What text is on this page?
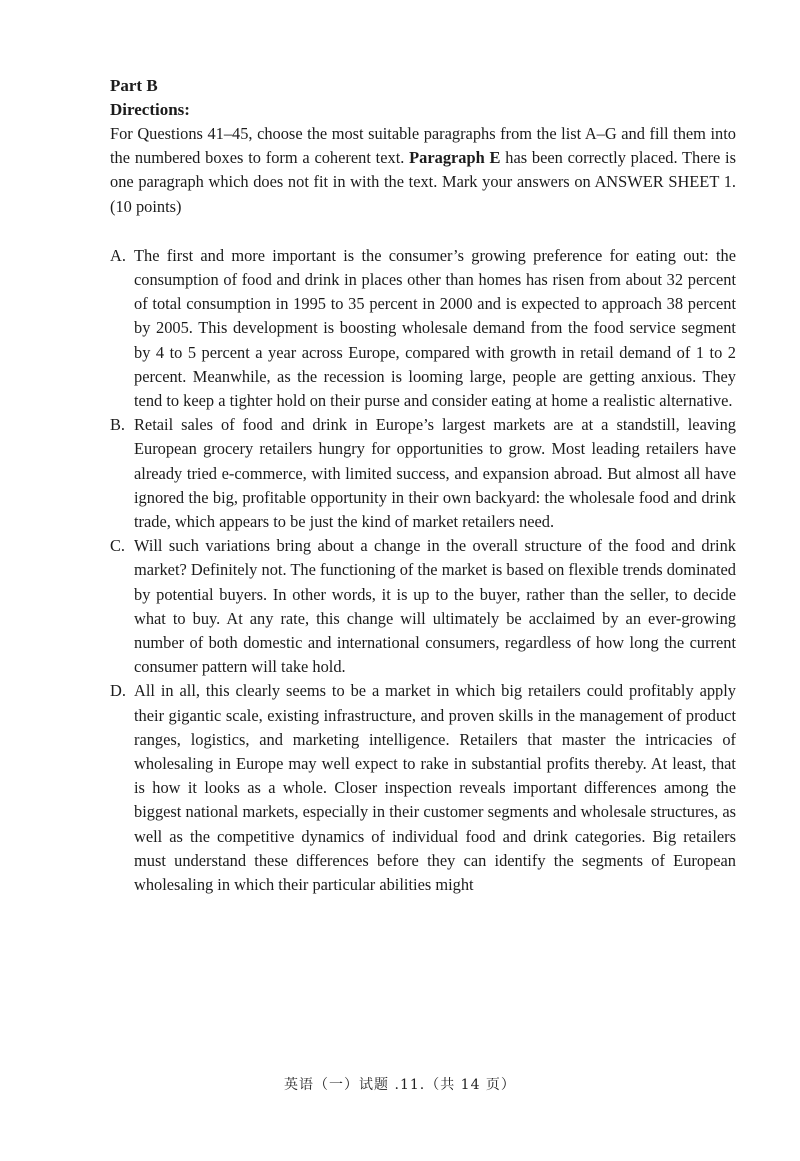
Part B
Directions:
For Questions 41–45, choose the most suitable paragraphs from the list A–G and fill them into the numbered boxes to form a coherent text. Paragraph E has been correctly placed. There is one paragraph which does not fit in with the text. Mark your answers on ANSWER SHEET 1. (10 points)
A. The first and more important is the consumer’s growing preference for eating out: the consumption of food and drink in places other than homes has risen from about 32 percent of total consumption in 1995 to 35 percent in 2000 and is expected to approach 38 percent by 2005. This development is boosting wholesale demand from the food service segment by 4 to 5 percent a year across Europe, compared with growth in retail demand of 1 to 2 percent. Meanwhile, as the recession is looming large, people are getting anxious. They tend to keep a tighter hold on their purse and consider eating at home a realistic alternative.
B. Retail sales of food and drink in Europe’s largest markets are at a standstill, leaving European grocery retailers hungry for opportunities to grow. Most leading retailers have already tried e-commerce, with limited success, and expansion abroad. But almost all have ignored the big, profitable opportunity in their own backyard: the wholesale food and drink trade, which appears to be just the kind of market retailers need.
C. Will such variations bring about a change in the overall structure of the food and drink market? Definitely not. The functioning of the market is based on flexible trends dominated by potential buyers. In other words, it is up to the buyer, rather than the seller, to decide what to buy. At any rate, this change will ultimately be acclaimed by an ever-growing number of both domestic and international consumers, regardless of how long the current consumer pattern will take hold.
D. All in all, this clearly seems to be a market in which big retailers could profitably apply their gigantic scale, existing infrastructure, and proven skills in the management of product ranges, logistics, and marketing intelligence. Retailers that master the intricacies of wholesaling in Europe may well expect to rake in substantial profits thereby. At least, that is how it looks as a whole. Closer inspection reveals important differences among the biggest national markets, especially in their customer segments and wholesale structures, as well as the competitive dynamics of individual food and drink categories. Big retailers must understand these differences before they can identify the segments of European wholesaling in which their particular abilities might
英语（一）试题 .11.（共 14 页）
